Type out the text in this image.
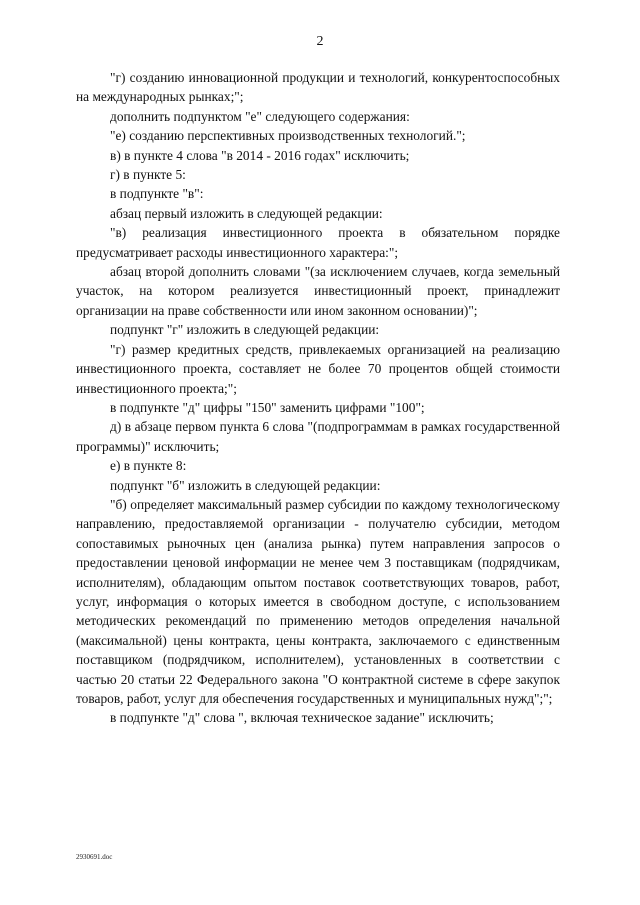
2

"г) созданию инновационной продукции и технологий, конкурентоспособных на международных рынках;";

дополнить подпунктом "е" следующего содержания:

"е) созданию перспективных производственных технологий.";

в) в пункте 4 слова "в 2014 - 2016 годах" исключить;

г) в пункте 5:

в подпункте "в":

абзац первый изложить в следующей редакции:

"в) реализация инвестиционного проекта в обязательном порядке предусматривает расходы инвестиционного характера:";

абзац второй дополнить словами "(за исключением случаев, когда земельный участок, на котором реализуется инвестиционный проект, принадлежит организации на праве собственности или ином законном основании)";

подпункт "г" изложить в следующей редакции:

"г) размер кредитных средств, привлекаемых организацией на реализацию инвестиционного проекта, составляет не более 70 процентов общей стоимости инвестиционного проекта;";

в подпункте "д" цифры "150" заменить цифрами "100";

д) в абзаце первом пункта 6 слова "(подпрограммам в рамках государственной программы)" исключить;

е) в пункте 8:

подпункт "б" изложить в следующей редакции:

"б) определяет максимальный размер субсидии по каждому технологическому направлению, предоставляемой организации - получателю субсидии, методом сопоставимых рыночных цен (анализа рынка) путем направления запросов о предоставлении ценовой информации не менее чем 3 поставщикам (подрядчикам, исполнителям), обладающим опытом поставок соответствующих товаров, работ, услуг, информация о которых имеется в свободном доступе, с использованием методических рекомендаций по применению методов определения начальной (максимальной) цены контракта, цены контракта, заключаемого с единственным поставщиком (подрядчиком, исполнителем), установленных в соответствии с частью 20 статьи 22 Федерального закона "О контрактной системе в сфере закупок товаров, работ, услуг для обеспечения государственных и муниципальных нужд";";

в подпункте "д" слова ", включая техническое задание" исключить;

2930691.doc
